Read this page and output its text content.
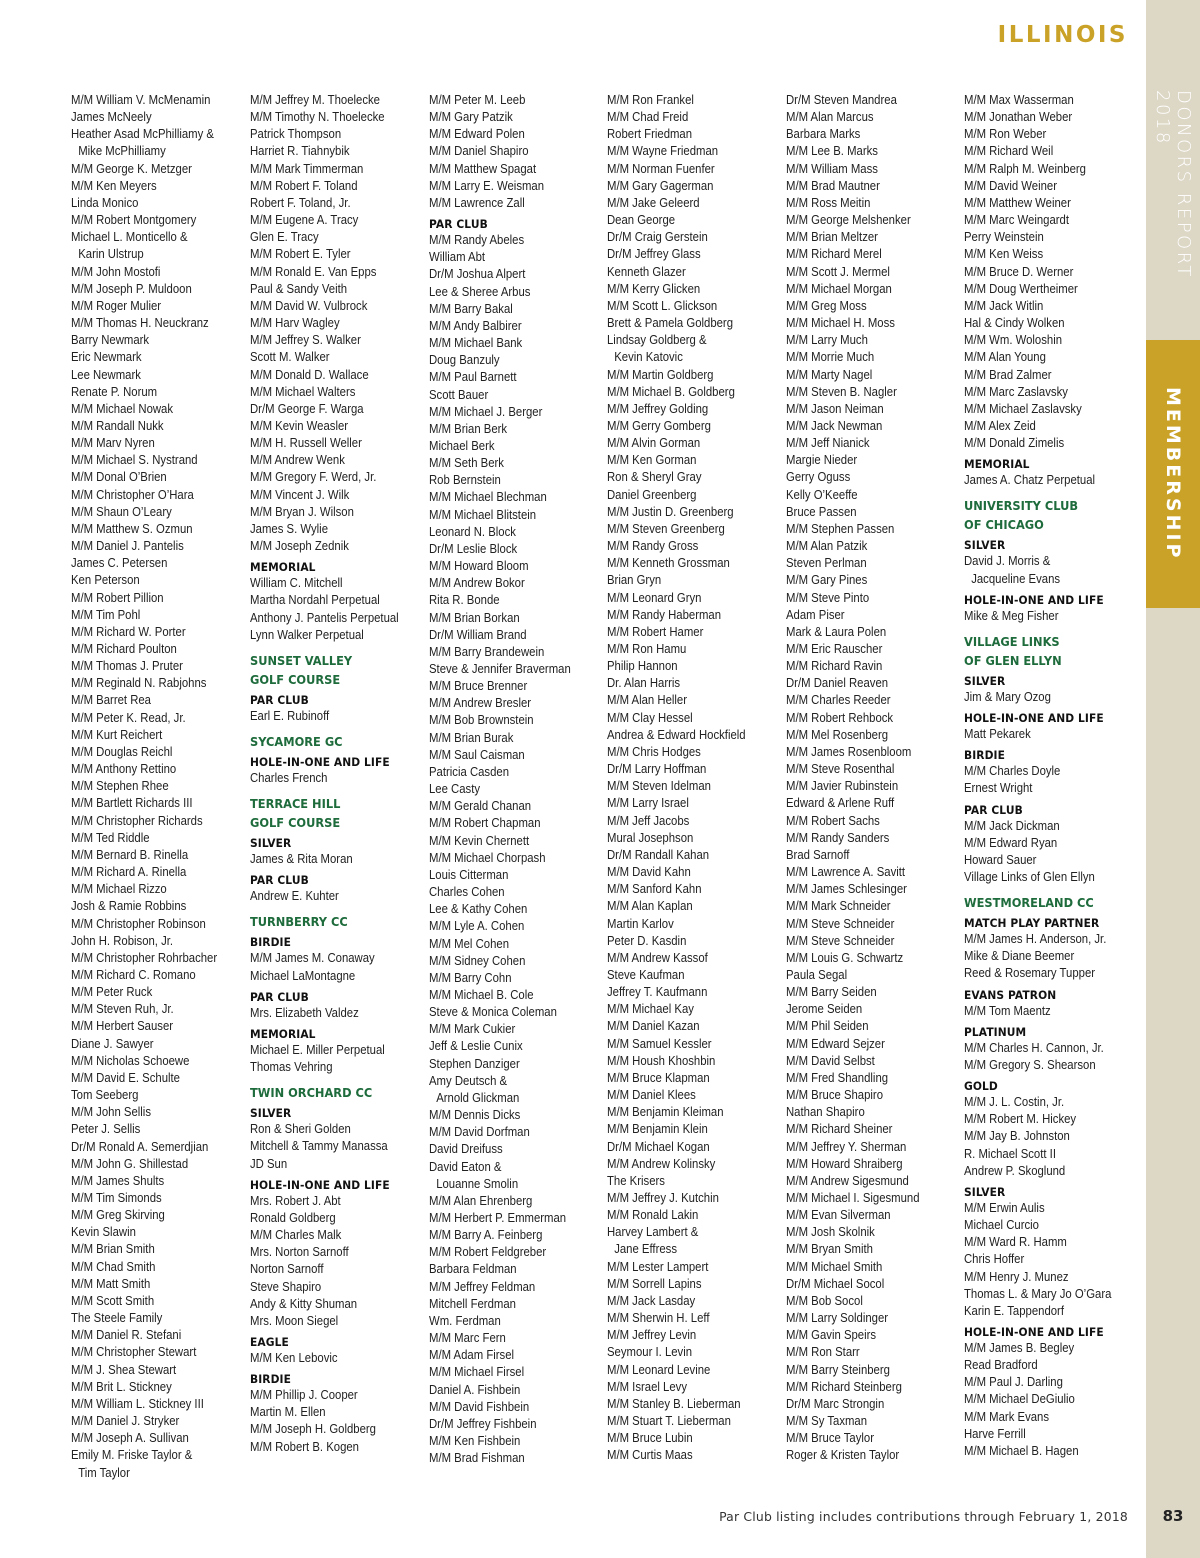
ILLINOIS
DONORS REPORT 2018
MEMBERSHIP
83
M/M William V. McMenamin
James McNeely
Heather Asad McPhilliamy &
Mike McPhilliamy
M/M George K. Metzger
M/M Ken Meyers
Linda Monico
M/M Robert Montgomery
Michael L. Monticello &
Karin Ulstrup
M/M John Mostofi
M/M Joseph P. Muldoon
M/M Roger Mulier
M/M Thomas H. Neuckranz
Barry Newmark
Eric Newmark
Lee Newmark
Renate P. Norum
M/M Michael Nowak
M/M Randall Nukk
M/M Marv Nyren
M/M Michael S. Nystrand
M/M Donal O’Brien
M/M Christopher O’Hara
M/M Shaun O’Leary
M/M Matthew S. Ozmun
M/M Daniel J. Pantelis
James C. Petersen
Ken Peterson
M/M Robert Pillion
M/M Tim Pohl
M/M Richard W. Porter
M/M Richard Poulton
M/M Thomas J. Pruter
M/M Reginald N. Rabjohns
M/M Barret Rea
M/M Peter K. Read, Jr.
M/M Kurt Reichert
M/M Douglas Reichl
M/M Anthony Rettino
M/M Stephen Rhee
M/M Bartlett Richards III
M/M Christopher Richards
M/M Ted Riddle
M/M Bernard B. Rinella
M/M Richard A. Rinella
M/M Michael Rizzo
Josh & Ramie Robbins
M/M Christopher Robinson
John H. Robison, Jr.
M/M Christopher Rohrbacher
M/M Richard C. Romano
M/M Peter Ruck
M/M Steven Ruh, Jr.
M/M Herbert Sauser
Diane J. Sawyer
M/M Nicholas Schoewe
M/M David E. Schulte
Tom Seeberg
M/M John Sellis
Peter J. Sellis
Dr/M Ronald A. Semerdjian
M/M John G. Shillestad
M/M James Shults
M/M Tim Simonds
M/M Greg Skirving
Kevin Slawin
M/M Brian Smith
M/M Chad Smith
M/M Matt Smith
M/M Scott Smith
The Steele Family
M/M Daniel R. Stefani
M/M Christopher Stewart
M/M J. Shea Stewart
M/M Brit L. Stickney
M/M William L. Stickney III
M/M Daniel J. Stryker
M/M Joseph A. Sullivan
Emily M. Friske Taylor &
Tim Taylor
M/M Jeffrey M. Thoelecke
M/M Timothy N. Thoelecke
Patrick Thompson
Harriet R. Tiahnybik
M/M Mark Timmerman
M/M Robert F. Toland
Robert F. Toland, Jr.
M/M Eugene A. Tracy
Glen E. Tracy
M/M Robert E. Tyler
M/M Ronald E. Van Epps
Paul & Sandy Veith
M/M David W. Vulbrock
M/M Harv Wagley
M/M Jeffrey S. Walker
Scott M. Walker
M/M Donald D. Wallace
M/M Michael Walters
Dr/M George F. Warga
M/M Kevin Weasler
M/M H. Russell Weller
M/M Andrew Wenk
M/M Gregory F. Werd, Jr.
M/M Vincent J. Wilk
M/M Bryan J. Wilson
James S. Wylie
M/M Joseph Zednik
MEMORIAL
William C. Mitchell
Martha Nordahl Perpetual
Anthony J. Pantelis Perpetual
Lynn Walker Perpetual
SUNSET VALLEY
GOLF COURSE
PAR CLUB
Earl E. Rubinoff
SYCAMORE GC
HOLE-IN-ONE AND LIFE
Charles French
TERRACE HILL
GOLF COURSE
SILVER
James & Rita Moran
PAR CLUB
Andrew E. Kuhter
TURNBERRY CC
BIRDIE
M/M James M. Conaway
Michael LaMontagne
PAR CLUB
Mrs. Elizabeth Valdez
MEMORIAL
Michael E. Miller Perpetual
Thomas Vehring
TWIN ORCHARD CC
SILVER
Ron & Sheri Golden
Mitchell & Tammy Manassa
JD Sun
HOLE-IN-ONE AND LIFE
Mrs. Robert J. Abt
Ronald Goldberg
M/M Charles Malk
Mrs. Norton Sarnoff
Norton Sarnoff
Steve Shapiro
Andy & Kitty Shuman
Mrs. Moon Siegel
EAGLE
M/M Ken Lebovic
BIRDIE
M/M Phillip J. Cooper
Martin M. Ellen
M/M Joseph H. Goldberg
M/M Robert B. Kogen
M/M Peter M. Leeb
M/M Gary Patzik
M/M Edward Polen
M/M Daniel Shapiro
M/M Matthew Spagat
M/M Larry E. Weisman
M/M Lawrence Zall
PAR CLUB
M/M Randy Abeles
William Abt
Dr/M Joshua Alpert
Lee & Sheree Arbus
M/M Barry Bakal
M/M Andy Balbirer
M/M Michael Bank
Doug Banzuly
M/M Paul Barnett
Scott Bauer
M/M Michael J. Berger
M/M Brian Berk
Michael Berk
M/M Seth Berk
Rob Bernstein
M/M Michael Blechman
M/M Michael Blitstein
Leonard N. Block
Dr/M Leslie Block
M/M Howard Bloom
M/M Andrew Bokor
Rita R. Bonde
M/M Brian Borkan
Dr/M William Brand
M/M Barry Brandewein
Steve & Jennifer Braverman
M/M Bruce Brenner
M/M Andrew Bresler
M/M Bob Brownstein
M/M Brian Burak
M/M Saul Caisman
Patricia Casden
Lee Casty
M/M Gerald Chanan
M/M Robert Chapman
M/M Kevin Chernett
M/M Michael Chorpash
Louis Citterman
Charles Cohen
Lee & Kathy Cohen
M/M Lyle A. Cohen
M/M Mel Cohen
M/M Sidney Cohen
M/M Barry Cohn
M/M Michael B. Cole
Steve & Monica Coleman
M/M Mark Cukier
Jeff & Leslie Cunix
Stephen Danziger
Amy Deutsch &
Arnold Glickman
M/M Dennis Dicks
M/M David Dorfman
David Dreifuss
David Eaton &
Louanne Smolin
M/M Alan Ehrenberg
M/M Herbert P. Emmerman
M/M Barry A. Feinberg
M/M Robert Feldgreber
Barbara Feldman
M/M Jeffrey Feldman
Mitchell Ferdman
Wm. Ferdman
M/M Marc Fern
M/M Adam Firsel
M/M Michael Firsel
Daniel A. Fishbein
M/M David Fishbein
Dr/M Jeffrey Fishbein
M/M Ken Fishbein
M/M Brad Fishman
M/M Ron Frankel
M/M Chad Freid
Robert Friedman
M/M Wayne Friedman
M/M Norman Fuenfer
M/M Gary Gagerman
M/M Jake Geleerd
Dean George
Dr/M Craig Gerstein
Dr/M Jeffrey Glass
Kenneth Glazer
M/M Kerry Glicken
M/M Scott L. Glickson
Brett & Pamela Goldberg
Lindsay Goldberg &
Kevin Katovic
M/M Martin Goldberg
M/M Michael B. Goldberg
M/M Jeffrey Golding
M/M Gerry Gomberg
M/M Alvin Gorman
M/M Ken Gorman
Ron & Sheryl Gray
Daniel Greenberg
M/M Justin D. Greenberg
M/M Steven Greenberg
M/M Randy Gross
M/M Kenneth Grossman
Brian Gryn
M/M Leonard Gryn
M/M Randy Haberman
M/M Robert Hamer
M/M Ron Hamu
Philip Hannon
Dr. Alan Harris
M/M Alan Heller
M/M Clay Hessel
Andrea & Edward Hockfield
M/M Chris Hodges
Dr/M Larry Hoffman
M/M Steven Idelman
M/M Larry Israel
M/M Jeff Jacobs
Mural Josephson
Dr/M Randall Kahan
M/M David Kahn
M/M Sanford Kahn
M/M Alan Kaplan
Martin Karlov
Peter D. Kasdin
M/M Andrew Kassof
Steve Kaufman
Jeffrey T. Kaufmann
M/M Michael Kay
M/M Daniel Kazan
M/M Samuel Kessler
M/M Housh Khoshbin
M/M Bruce Klapman
M/M Daniel Klees
M/M Benjamin Kleiman
M/M Benjamin Klein
Dr/M Michael Kogan
M/M Andrew Kolinsky
The Krisers
M/M Jeffrey J. Kutchin
M/M Ronald Lakin
Harvey Lambert &
Jane Effress
M/M Lester Lampert
M/M Sorrell Lapins
M/M Jack Lasday
M/M Sherwin H. Leff
M/M Jeffrey Levin
Seymour I. Levin
M/M Leonard Levine
M/M Israel Levy
M/M Stanley B. Lieberman
M/M Stuart T. Lieberman
M/M Bruce Lubin
M/M Curtis Maas
Dr/M Steven Mandrea
M/M Alan Marcus
Barbara Marks
M/M Lee B. Marks
M/M William Mass
M/M Brad Mautner
M/M Ross Meitin
M/M George Melshenker
M/M Brian Meltzer
M/M Richard Merel
M/M Scott J. Mermel
M/M Michael Morgan
M/M Greg Moss
M/M Michael H. Moss
M/M Larry Much
M/M Morrie Much
M/M Marty Nagel
M/M Steven B. Nagler
M/M Jason Neiman
M/M Jack Newman
M/M Jeff Nianick
Margie Nieder
Gerry Oguss
Kelly O’Keeffe
Bruce Passen
M/M Stephen Passen
M/M Alan Patzik
Steven Perlman
M/M Gary Pines
M/M Steve Pinto
Adam Piser
Mark & Laura Polen
M/M Eric Rauscher
M/M Richard Ravin
Dr/M Daniel Reaven
M/M Charles Reeder
M/M Robert Rehbock
M/M Mel Rosenberg
M/M James Rosenbloom
M/M Steve Rosenthal
M/M Javier Rubinstein
Edward & Arlene Ruff
M/M Robert Sachs
M/M Randy Sanders
Brad Sarnoff
M/M Lawrence A. Savitt
M/M James Schlesinger
M/M Mark Schneider
M/M Steve Schneider
M/M Steve Schneider
M/M Louis G. Schwartz
Paula Segal
M/M Barry Seiden
Jerome Seiden
M/M Phil Seiden
M/M Edward Sejzer
M/M David Selbst
M/M Fred Shandling
M/M Bruce Shapiro
Nathan Shapiro
M/M Richard Sheiner
M/M Jeffrey Y. Sherman
M/M Howard Shraiberg
M/M Andrew Sigesmund
M/M Michael I. Sigesmund
M/M Evan Silverman
M/M Josh Skolnik
M/M Bryan Smith
M/M Michael Smith
Dr/M Michael Socol
M/M Bob Socol
M/M Larry Soldinger
M/M Gavin Speirs
M/M Ron Starr
M/M Barry Steinberg
M/M Richard Steinberg
Dr/M Marc Strongin
M/M Sy Taxman
M/M Bruce Taylor
Roger & Kristen Taylor
M/M Max Wasserman
M/M Jonathan Weber
M/M Ron Weber
M/M Richard Weil
M/M Ralph M. Weinberg
M/M David Weiner
M/M Matthew Weiner
M/M Marc Weingardt
Perry Weinstein
M/M Ken Weiss
M/M Bruce D. Werner
M/M Doug Wertheimer
M/M Jack Witlin
Hal & Cindy Wolken
M/M Wm. Woloshin
M/M Alan Young
M/M Brad Zalmer
M/M Marc Zaslavsky
M/M Michael Zaslavsky
M/M Alex Zeid
M/M Donald Zimelis
MEMORIAL
James A. Chatz Perpetual
UNIVERSITY CLUB
OF CHICAGO
SILVER
David J. Morris &
Jacqueline Evans
HOLE-IN-ONE AND LIFE
Mike & Meg Fisher
VILLAGE LINKS
OF GLEN ELLYN
SILVER
Jim & Mary Ozog
HOLE-IN-ONE AND LIFE
Matt Pekarek
BIRDIE
M/M Charles Doyle
Ernest Wright
PAR CLUB
M/M Jack Dickman
M/M Edward Ryan
Howard Sauer
Village Links of Glen Ellyn
WESTMORELAND CC
MATCH PLAY PARTNER
M/M James H. Anderson, Jr.
Mike & Diane Beemer
Reed & Rosemary Tupper
EVANS PATRON
M/M Tom Maentz
PLATINUM
M/M Charles H. Cannon, Jr.
M/M Gregory S. Shearson
GOLD
M/M J. L. Costin, Jr.
M/M Robert M. Hickey
M/M Jay B. Johnston
R. Michael Scott II
Andrew P. Skoglund
SILVER
M/M Erwin Aulis
Michael Curcio
M/M Ward R. Hamm
Chris Hoffer
M/M Henry J. Munez
Thomas L. & Mary Jo O’Gara
Karin E. Tappendorf
HOLE-IN-ONE AND LIFE
M/M James B. Begley
Read Bradford
M/M Paul J. Darling
M/M Michael DeGiulio
M/M Mark Evans
Harve Ferrill
M/M Michael B. Hagen
Par Club listing includes contributions through February 1, 2018
